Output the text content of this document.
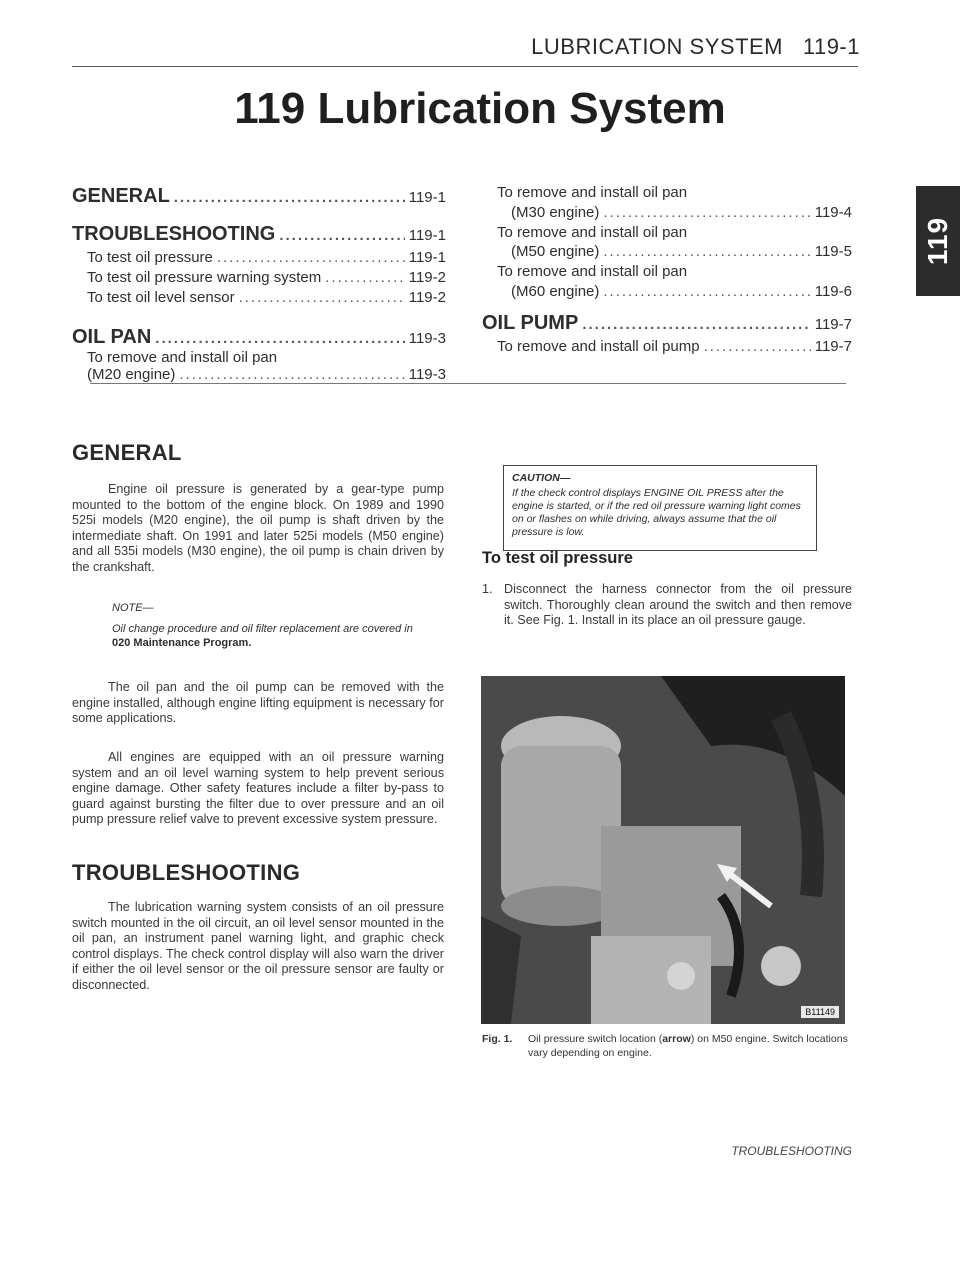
LUBRICATION SYSTEM 119-1
119 Lubrication System
119
GENERAL .....	119-1
TROUBLESHOOTING .....	119-1
To test oil pressure .....	119-1
To test oil pressure warning system .....	119-2
To test oil level sensor .....	119-2
OIL PAN .....	119-3
To remove and install oil pan
(M20 engine) .....	119-3
To remove and install oil pan
(M30 engine) .....	119-4
To remove and install oil pan
(M50 engine) .....	119-5
To remove and install oil pan
(M60 engine) .....	119-6
OIL PUMP .....	119-7
To remove and install oil pump .....	119-7
GENERAL
Engine oil pressure is generated by a gear-type pump mounted to the bottom of the engine block. On 1989 and 1990 525i models (M20 engine), the oil pump is shaft driven by the intermediate shaft. On 1991 and later 525i models (M50 engine) and all 535i models (M30 engine), the oil pump is chain driven by the crankshaft.
NOTE—
Oil change procedure and oil filter replacement are covered in 020 Maintenance Program.
The oil pan and the oil pump can be removed with the engine installed, although engine lifting equipment is necessary for some applications.
All engines are equipped with an oil pressure warning system and an oil level warning system to help prevent serious engine damage. Other safety features include a filter by-pass to guard against bursting the filter due to over pressure and an oil pump pressure relief valve to prevent excessive system pressure.
TROUBLESHOOTING
The lubrication warning system consists of an oil pressure switch mounted in the oil circuit, an oil level sensor mounted in the oil pan, an instrument panel warning light, and graphic check control displays. The check control display will also warn the driver if either the oil level sensor or the oil pressure sensor are faulty or disconnected.
CAUTION—
If the check control displays ENGINE OIL PRESS after the engine is started, or if the red oil pressure warning light comes on or flashes on while driving, always assume that the oil pressure is low.
To test oil pressure
1. Disconnect the harness connector from the oil pressure switch. Thoroughly clean around the switch and then remove it. See Fig. 1. Install in its place an oil pressure gauge.
B11149
Fig. 1.	Oil pressure switch location (arrow) on M50 engine. Switch locations vary depending on engine.
TROUBLESHOOTING
